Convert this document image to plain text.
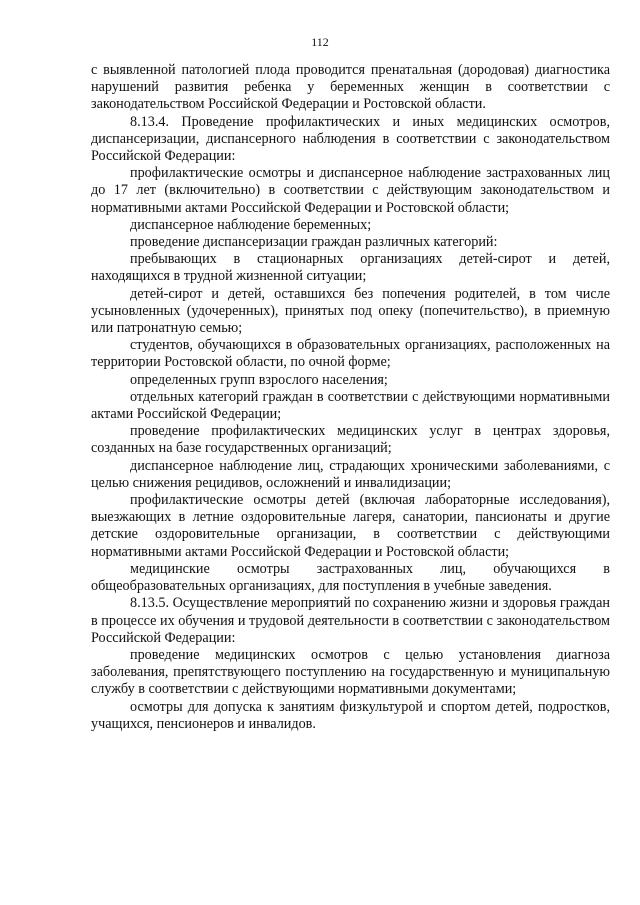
112

с выявленной патологией плода проводится пренатальная (дородовая) диагностика нарушений развития ребенка у беременных женщин в соответствии с законодательством Российской Федерации и Ростовской области.

8.13.4. Проведение профилактических и иных медицинских осмотров, диспансеризации, диспансерного наблюдения в соответствии с законодательством Российской Федерации:

профилактические осмотры и диспансерное наблюдение застрахованных лиц до 17 лет (включительно) в соответствии с действующим законодательством и нормативными актами Российской Федерации и Ростовской области;

диспансерное наблюдение беременных;

проведение диспансеризации граждан различных категорий:

пребывающих в стационарных организациях детей-сирот и детей, находящихся в трудной жизненной ситуации;

детей-сирот и детей, оставшихся без попечения родителей, в том числе усыновленных (удочеренных), принятых под опеку (попечительство), в приемную или патронатную семью;

студентов, обучающихся в образовательных организациях, расположенных на территории Ростовской области, по очной форме;

определенных групп взрослого населения;

отдельных категорий граждан в соответствии с действующими нормативными актами Российской Федерации;

проведение профилактических медицинских услуг в центрах здоровья, созданных на базе государственных организаций;

диспансерное наблюдение лиц, страдающих хроническими заболеваниями, с целью снижения рецидивов, осложнений и инвалидизации;

профилактические осмотры детей (включая лабораторные исследования), выезжающих в летние оздоровительные лагеря, санатории, пансионаты и другие детские оздоровительные организации, в соответствии с действующими нормативными актами Российской Федерации и Ростовской области;

медицинские осмотры застрахованных лиц, обучающихся в общеобразовательных организациях, для поступления в учебные заведения.

8.13.5. Осуществление мероприятий по сохранению жизни и здоровья граждан в процессе их обучения и трудовой деятельности в соответствии с законодательством Российской Федерации:

проведение медицинских осмотров с целью установления диагноза заболевания, препятствующего поступлению на государственную и муниципальную службу в соответствии с действующими нормативными документами;

осмотры для допуска к занятиям физкультурой и спортом детей, подростков, учащихся, пенсионеров и инвалидов.
